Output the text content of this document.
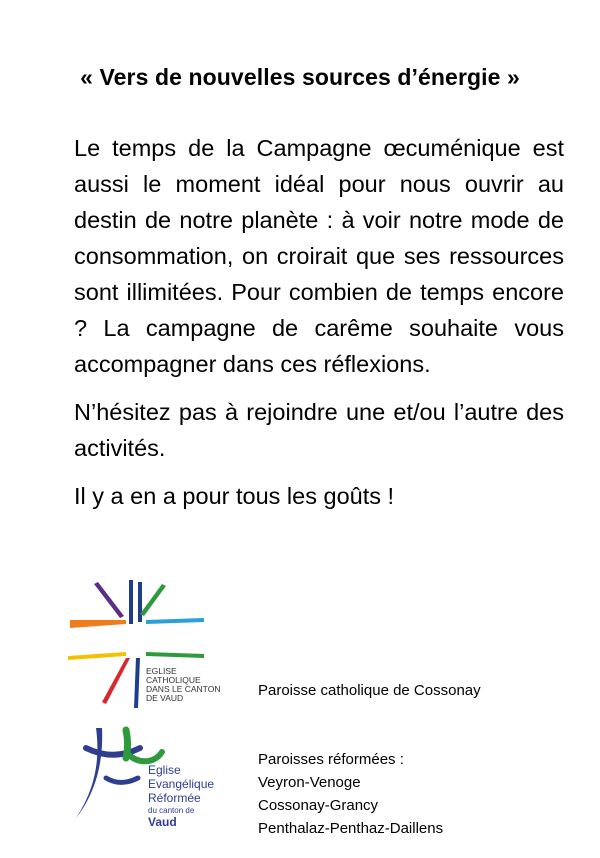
« Vers de nouvelles sources d’énergie »

Le temps de la Campagne œcuménique est aussi le moment idéal pour nous ouvrir au destin de notre planète : à voir notre mode de consommation, on croirait que ses ressources sont illimitées. Pour combien de temps encore ? La campagne de carême souhaite vous accompagner dans ces réflexions.

N’hésitez pas à rejoindre une et/ou l’autre des activités.

Il y a en a pour tous les goûts !

EGLISE
CATHOLIQUE
DANS LE CANTON
DE VAUD
Eglise
Evangélique
Réformée
du canton de
Vaud
Paroisse catholique de Cossonay
Paroisses réformées :
Veyron-Venoge
Cossonay-Grancy
Penthalaz-Penthaz-Daillens
